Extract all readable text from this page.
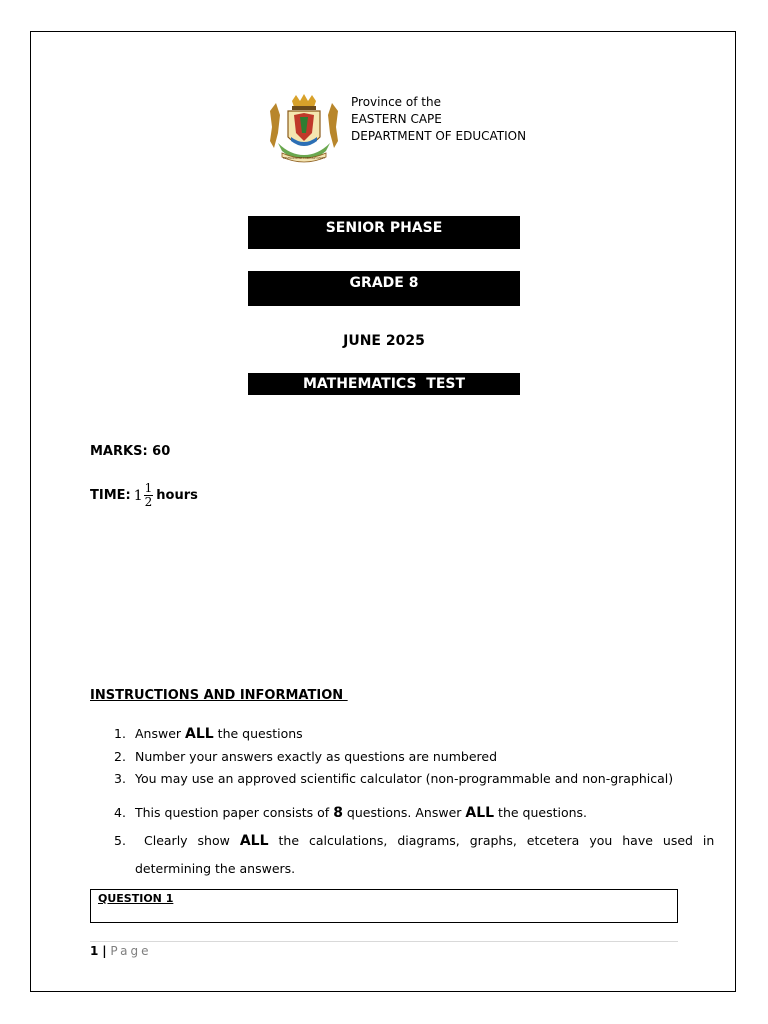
DEVELOPMENT THROUGH UNITY
Province of the
EASTERN CAPE
DEPARTMENT OF EDUCATION
SENIOR PHASE
GRADE 8
JUNE 2025
MATHEMATICS  TEST
MARKS: 60
TIME: $1 \frac{1}{2}$ hours
INSTRUCTIONS AND INFORMATION
1. Answer ALL the questions
2. Number your answers exactly as questions are numbered
3. You may use an approved scientific calculator (non-programmable and non-graphical)
4. This question paper consists of 8 questions. Answer ALL the questions.
5. Clearly show ALL the calculations, diagrams, graphs, etcetera you have used in
determining the answers.
QUESTION 1
1 | Page
